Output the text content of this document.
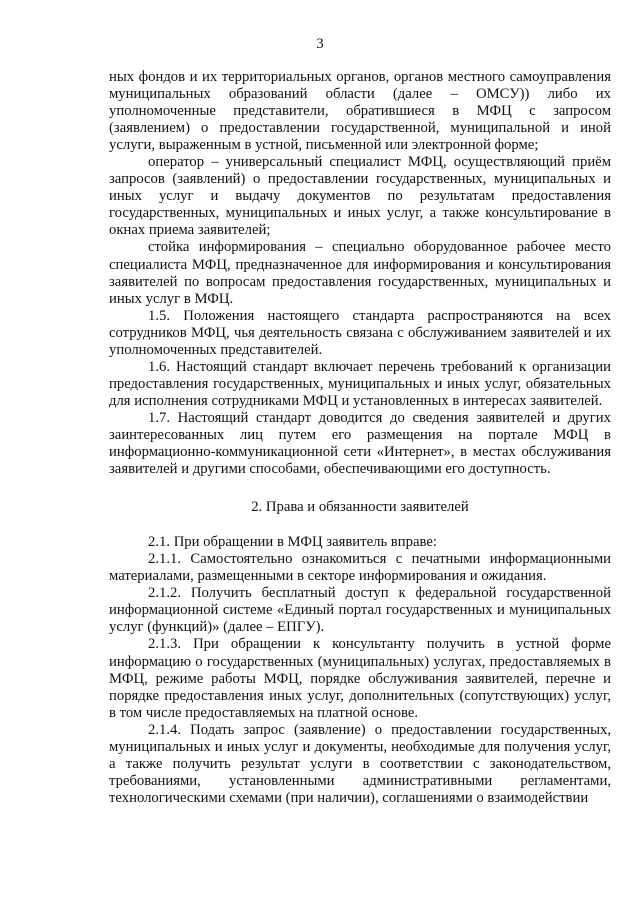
3

ных фондов и их территориальных органов, органов местного самоуправления муниципальных образований области (далее – ОМСУ)) либо их уполномоченные представители, обратившиеся в МФЦ с запросом (заявлением) о предоставлении государственной, муниципальной и иной услуги, выраженным в устной, письменной или электронной форме;

оператор – универсальный специалист МФЦ, осуществляющий приём запросов (заявлений) о предоставлении государственных, муниципальных и иных услуг и выдачу документов по результатам предоставления государственных, муниципальных и иных услуг, а также консультирование в окнах приема заявителей;

стойка информирования – специально оборудованное рабочее место специалиста МФЦ, предназначенное для информирования и консультирования заявителей по вопросам предоставления государственных, муниципальных и иных услуг в МФЦ.

1.5. Положения настоящего стандарта распространяются на всех сотрудников МФЦ, чья деятельность связана с обслуживанием заявителей и их уполномоченных представителей.

1.6. Настоящий стандарт включает перечень требований к организации предоставления государственных, муниципальных и иных услуг, обязательных для исполнения сотрудниками МФЦ и установленных в интересах заявителей.

1.7. Настоящий стандарт доводится до сведения заявителей и других заинтересованных лиц путем его размещения на портале МФЦ в информационно-коммуникационной сети «Интернет», в местах обслуживания заявителей и другими способами, обеспечивающими его доступность.

2. Права и обязанности заявителей

2.1. При обращении в МФЦ заявитель вправе:

2.1.1. Самостоятельно ознакомиться с печатными информационными материалами, размещенными в секторе информирования и ожидания.

2.1.2. Получить бесплатный доступ к федеральной государственной информационной системе «Единый портал государственных и муниципальных услуг (функций)» (далее – ЕПГУ).

2.1.3. При обращении к консультанту получить в устной форме информацию о государственных (муниципальных) услугах, предоставляемых в МФЦ, режиме работы МФЦ, порядке обслуживания заявителей, перечне и порядке предоставления иных услуг, дополнительных (сопутствующих) услуг, в том числе предоставляемых на платной основе.

2.1.4. Подать запрос (заявление) о предоставлении государственных, муниципальных и иных услуг и документы, необходимые для получения услуг, а также получить результат услуги в соответствии с законодательством, требованиями, установленными административными регламентами, технологическими схемами (при наличии), соглашениями о взаимодействии
